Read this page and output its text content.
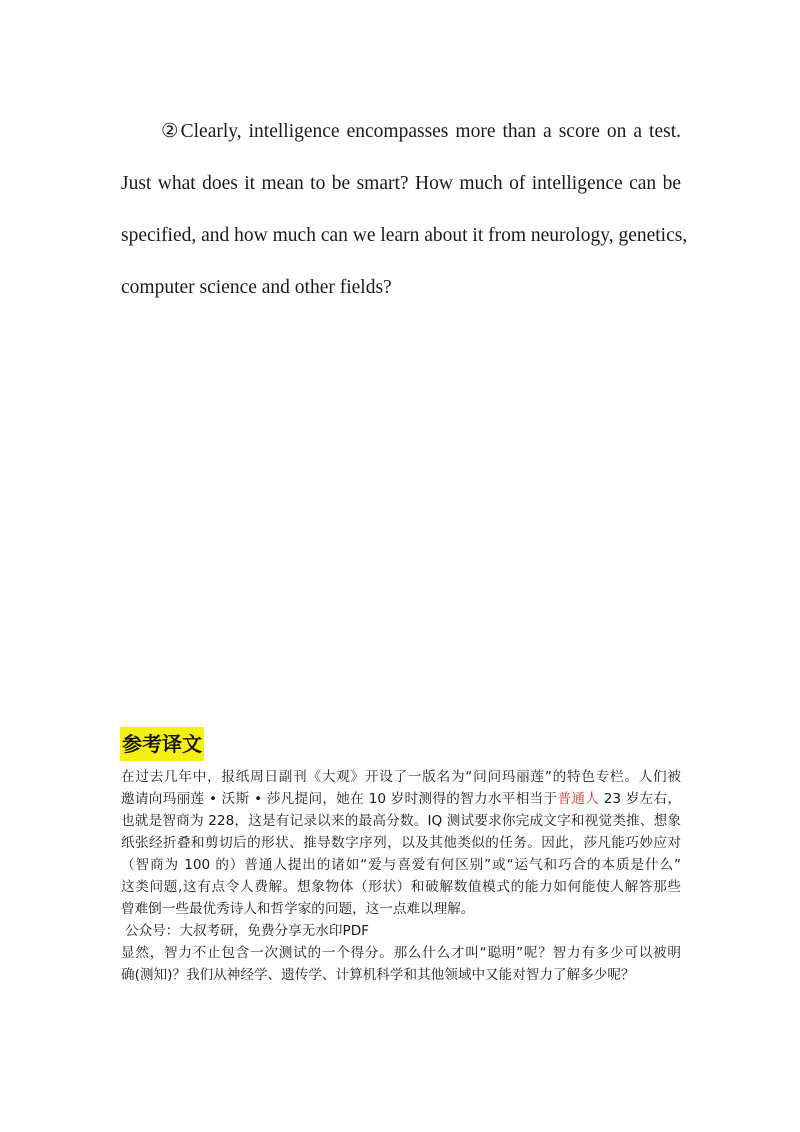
②Clearly, intelligence encompasses more than a score on a test.
Just what does it mean to be smart? How much of intelligence can be
specified, and how much can we learn about it from neurology, genetics,
computer science and other fields?

参考译文
在过去几年中，报纸周日副刊《大观》开设了一版名为“问问玛丽莲”的特色专栏。人们被
邀请向玛丽莲 • 沃斯 • 莎凡提问，她在 10 岁时测得的智力水平相当于普通人 23 岁左右，
也就是智商为 228，这是有记录以来的最高分数。IQ 测试要求你完成文字和视觉类推、想象
纸张经折叠和剪切后的形状、推导数字序列，以及其他类似的任务。因此，莎凡能巧妙应对
（智商为 100 的）普通人提出的诸如“爱与喜爱有何区别”或“运气和巧合的本质是什么”
这类问题,这有点令人费解。想象物体（形状）和破解数值模式的能力如何能使人解答那些
曾难倒一些最优秀诗人和哲学家的问题，这一点难以理解。
公众号：大叔考研，免费分享无水印PDF
显然，智力不止包含一次测试的一个得分。那么什么才叫“聪明”呢？智力有多少可以被明
确(测知)？我们从神经学、遗传学、计算机科学和其他领域中又能对智力了解多少呢？
